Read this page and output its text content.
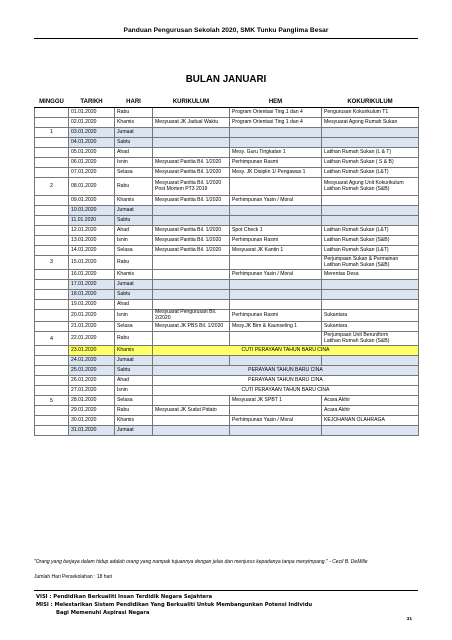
Panduan Pengurusan Sekolah 2020, SMK Tunku Panglima Besar
BULAN JANUARI
MINGGU	TARIKH	HARI	KURIKULUM	HEM	KOKURIKULUM
	01.01.2020	Rabu		Program Orientasi Ting.1 dan 4	Pengurusan Kokurikulum T1
	02.01.2020	Khamis	Mesyuarat JK Jadual Waktu	Program Orientasi Ting 1 dan 4	Mesyuarat Agong Rumah Sukan
1	03.01.2020	Jumaat			
	04.01.2020	Sabtu			
	05.01.2020	Ahad		Mesy. Guru Tingkatan 1	Latihan Rumah Sukan (L & T)
	06.01.2020	Isnin	Mesyuarat Panitia Bil. 1/2020	Perhimpunan Rasmi	Latihan Rumah Sukan ( S & B)
	07.01.2020	Selasa	Mesyuarat Panitia Bil. 1/2020	Mesy. JK Disiplin 1/ Pengawas 1	Latihan Rumah Sukan (L&T)
2	08.01.2020	Rabu	Mesyuarat Panitia Bil. 1/2020
Post Mortem PT3 2019		Mesyuarat Agung Unit Kokurikulum
Latihan Rumah Sukan (S&B)
	09.01.2020	Khamis	Mesyuarat Panitia Bil. 1/2020	Perhimpunan Yasin / Moral	
	10.01.2020	Jumaat			
	11.01.2020	Sabtu			
	12.01.2020	Ahad	Mesyuarat Panitia Bil. 1/2020	Spot Check 1	Latihan Rumah Sukan (L&T)
	13.01.2020	Isnin	Mesyuarat Panitia Bil. 1/2020	Perhimpunan Rasmi	Latihan Rumah Sukan (S&B)
	14.01.2020	Selasa	Mesyuarat Panitia Bil. 1/2020	Mesyuarat JK Kantin 1	Latihan Rumah Sukan (L&T)
3	15.01.2020	Rabu			Perjumpaan Sukan & Permainan
Latihan Rumah Sukan (S&B)
	16.01.2020	Khamis		Perhimpunan Yasin / Moral	Merentas Desa
	17.01.2020	Jumaat			
	18.01.2020	Sabtu			
	19.01.2020	Ahad			
	20.01.2020	Isnin	Mesyuarat Pengurusan Bil. 2/2020	Perhimpunan Rasmi	Sukantara
	21.01.2020	Selasa	Mesyuarat JK PBS Bil. 1/2020	Mesy.JK Bim & Kaunseling 1	Sukantara
4	22.01.2020	Rabu			Perjumpaan Unit Beruniform
Latihan Rumah Sukan (S&B)
	23.01.2020	Khamis	CUTI PERAYAAN TAHUN BARU CINA		
	24.01.2020	Jumaat			
	25.01.2020	Sabtu	PERAYAAN TAHUN BARU CINA		
	26.01.2020	Ahad	PERAYAAN TAHUN BARU CINA		
	27.01.2020	Isnin	CUTI PERAYAAN TAHUN BARU CINA		
5	28.01.2020	Selasa		Mesyuarat JK SPBT 1	Acara Akhir
	29.01.2020	Rabu	Mesyuarat JK Sudut Pidato		Acara Akhir
	30.01.2020	Khamis		Perhimpunan Yasin / Moral	KEJOHANAN OLAHRAGA
	31.01.2020	Jumaat			
"Orang yang berjaya dalam hidup adalah orang yang nampak tujuannya dengan jelas dan menjurus kepadanya tanpa menyimpang." - Cecil B. DeMille
Jumlah Hari Persekolahan : 18 hari
VISI : Pendidikan Berkualiti Insan Terdidik Negara Sejahtera
MISI : Melestarikan Sistem Pendidikan Yang Berkualiti Untuk Membangunkan Potensi Individu
Bagi Memenuhi Aspirasi Negara
31
